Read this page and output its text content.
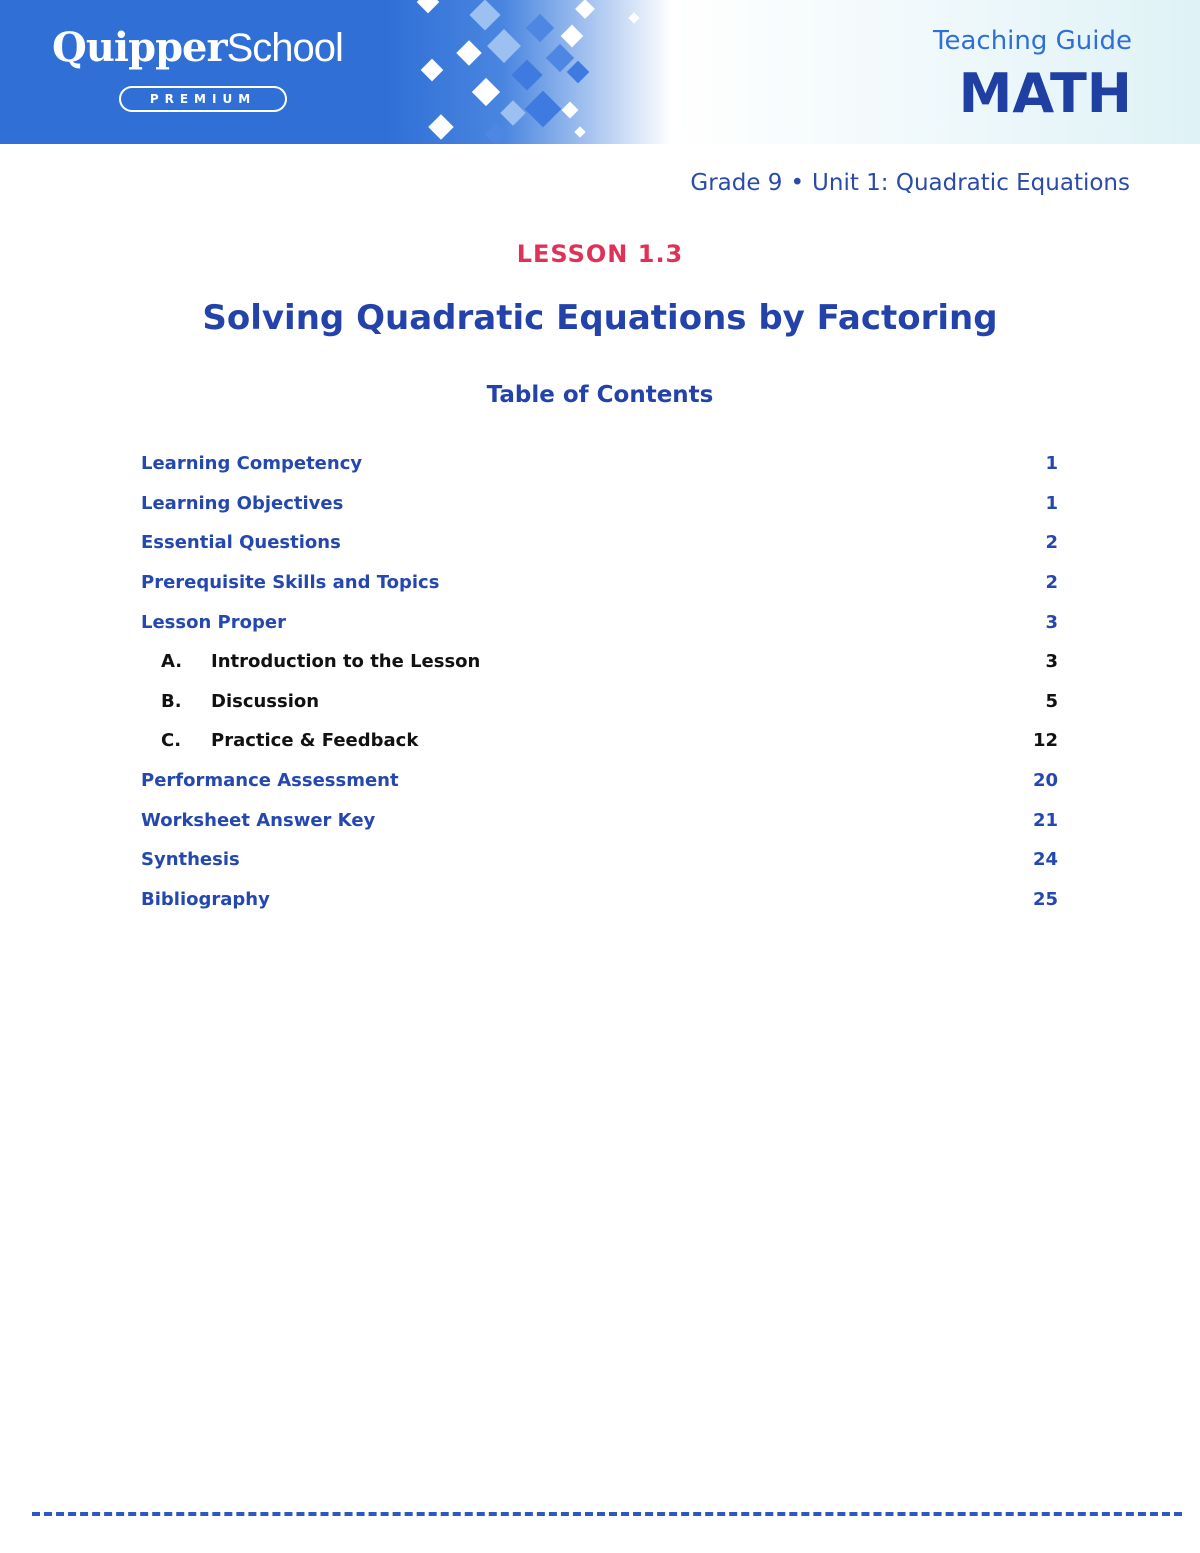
QuipperSchool
PREMIUM
Teaching Guide
MATH
Grade 9 • Unit 1: Quadratic Equations
LESSON 1.3
Solving Quadratic Equations by Factoring
Table of Contents
Learning Competency	1
Learning Objectives	1
Essential Questions	2
Prerequisite Skills and Topics	2
Lesson Proper	3
A.	Introduction to the Lesson	3
B.	Discussion	5
C.	Practice & Feedback	12
Performance Assessment	20
Worksheet Answer Key	21
Synthesis	24
Bibliography	25
